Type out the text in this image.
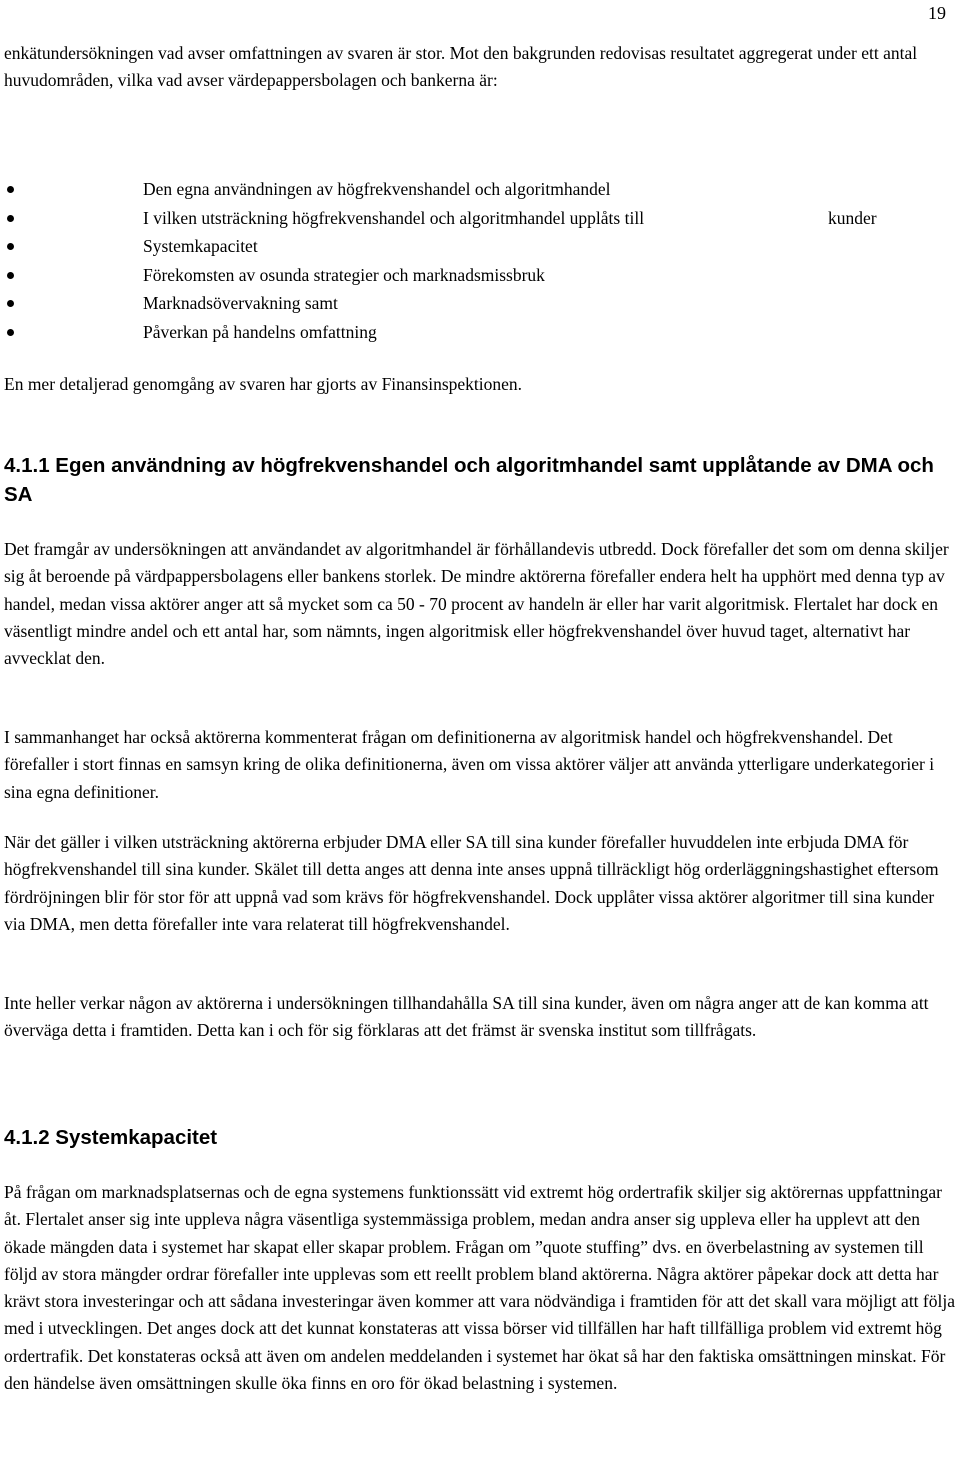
19

enkätundersökningen vad avser omfattningen av svaren är stor. Mot den bakgrunden redovisas resultatet aggregerat under ett antal huvudområden, vilka vad avser värdepappersbolagen och bankerna är:

Den egna användningen av högfrekvenshandel och algoritmhandel
I vilken utsträckning högfrekvenshandel och algoritmhandel upplåts till	kunder
Systemkapacitet
Förekomsten av osunda strategier och marknadsmissbruk
Marknadsövervakning samt
Påverkan på handelns omfattning

En mer detaljerad genomgång av svaren har gjorts av Finansinspektionen.

4.1.1 Egen användning av högfrekvenshandel och algoritmhandel samt upplåtande av DMA och SA

Det framgår av undersökningen att användandet av algoritmhandel är förhållandevis utbredd. Dock förefaller det som om denna skiljer sig åt beroende på värdpappersbolagens eller bankens storlek. De mindre aktörerna förefaller endera helt ha upphört med denna typ av handel, medan vissa aktörer anger att så mycket som ca 50 - 70 procent av handeln är eller har varit algoritmisk. Flertalet har dock en väsentligt mindre andel och ett antal har, som nämnts, ingen algoritmisk eller högfrekvenshandel över huvud taget, alternativt har avvecklat den.

I sammanhanget har också aktörerna kommenterat frågan om definitionerna av algoritmisk handel och högfrekvenshandel. Det förefaller i stort finnas en samsyn kring de olika definitionerna, även om vissa aktörer väljer att använda ytterligare underkategorier i sina egna definitioner.

När det gäller i vilken utsträckning aktörerna erbjuder DMA eller SA till sina kunder förefaller huvuddelen inte erbjuda DMA för högfrekvenshandel till sina kunder. Skälet till detta anges att denna inte anses uppnå tillräckligt hög orderläggningshastighet eftersom fördröjningen blir för stor för att uppnå vad som krävs för högfrekvenshandel. Dock upplåter vissa aktörer algoritmer till sina kunder via DMA, men detta förefaller inte vara relaterat till högfrekvenshandel.

Inte heller verkar någon av aktörerna i undersökningen tillhandahålla SA till sina kunder, även om några anger att de kan komma att överväga detta i framtiden. Detta kan i och för sig förklaras att det främst är svenska institut som tillfrågats.

4.1.2 Systemkapacitet

På frågan om marknadsplatsernas och de egna systemens funktionssätt vid extremt hög ordertrafik skiljer sig aktörernas uppfattningar åt. Flertalet anser sig inte uppleva några väsentliga systemmässiga problem, medan andra anser sig uppleva eller ha upplevt att den ökade mängden data i systemet har skapat eller skapar problem. Frågan om ”quote stuffing” dvs. en överbelastning av systemen till följd av stora mängder ordrar förefaller inte upplevas som ett reellt problem bland aktörerna. Några aktörer påpekar dock att detta har krävt stora investeringar och att sådana investeringar även kommer att vara nödvändiga i framtiden för att det skall vara möjligt att följa med i utvecklingen. Det anges dock att det kunnat konstateras att vissa börser vid tillfällen har haft tillfälliga problem vid extremt hög ordertrafik. Det konstateras också att även om andelen meddelanden i systemet har ökat så har den faktiska omsättningen minskat. För den händelse även omsättningen skulle öka finns en oro för ökad belastning i systemen.
